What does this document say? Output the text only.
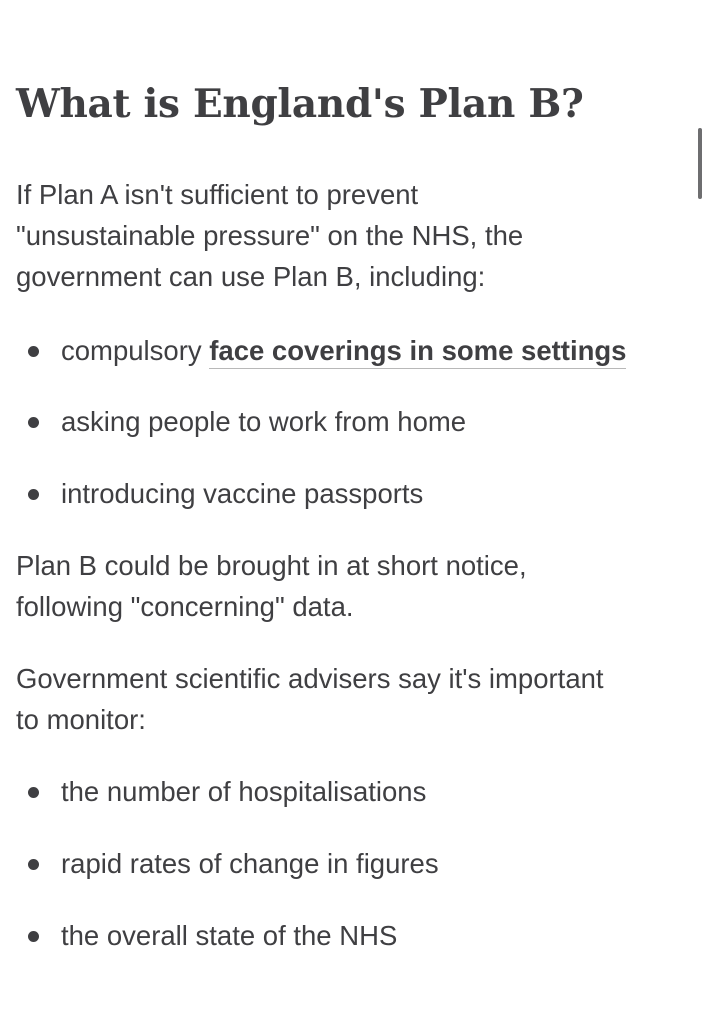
What is England's Plan B?

If Plan A isn't sufficient to prevent
"unsustainable pressure" on the NHS, the
government can use Plan B, including:

compulsory face coverings in some settings
asking people to work from home
introducing vaccine passports

Plan B could be brought in at short notice,
following "concerning" data.

Government scientific advisers say it's important
to monitor:

the number of hospitalisations
rapid rates of change in figures
the overall state of the NHS
